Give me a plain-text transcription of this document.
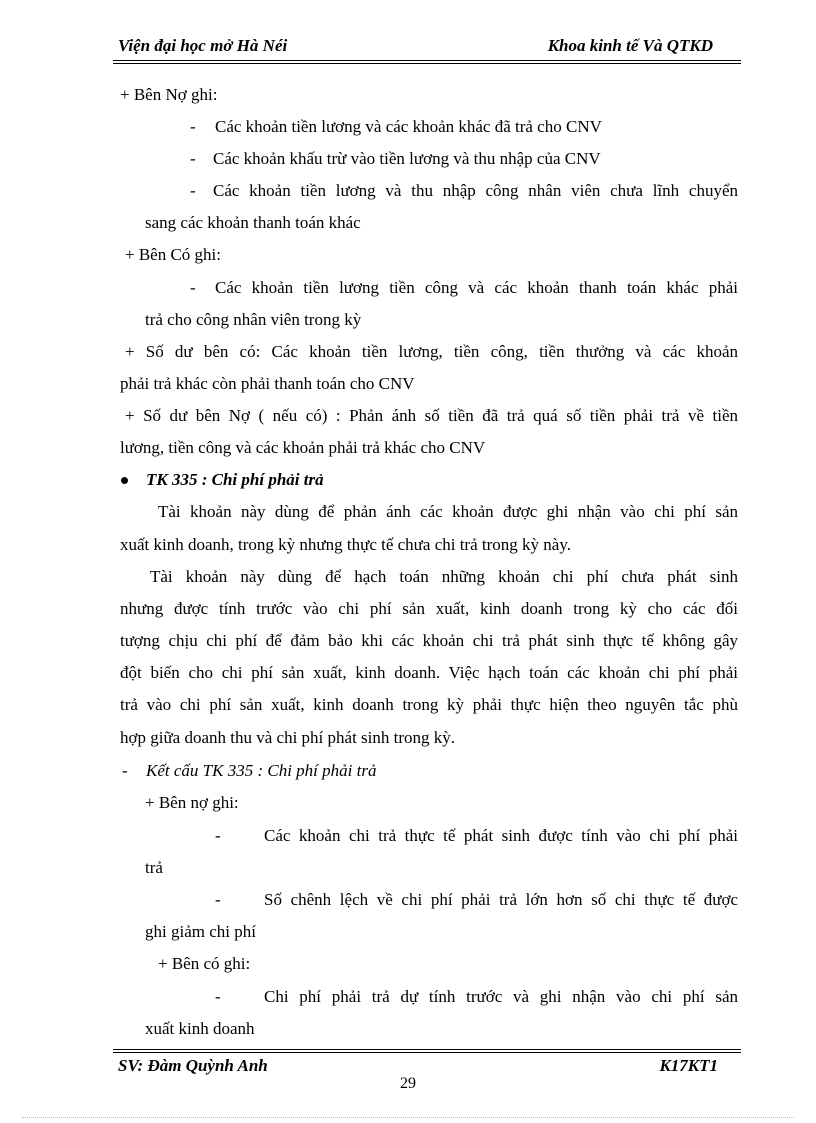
Viện đại học mở Hà Néi	Khoa kinh tế Và QTKD
+ Bên Nợ ghi:
- Các khoản tiền lương và các khoản khác đã trả cho CNV
- Các khoản khấu trừ vào tiền lương và thu nhập của CNV
- Các khoản tiền lương và thu nhập công nhân viên chưa lĩnh chuyển
sang các khoản thanh toán khác
+ Bên Có ghi:
- Các khoản tiền lương tiền công và các khoản thanh toán khác phải
trả cho công nhân viên trong kỳ
+ Số dư bên có: Các khoản tiền lương, tiền công, tiền thưởng và các khoản
phải trả khác còn phải thanh toán cho CNV
+ Số dư bên Nợ ( nếu có) : Phản ánh số tiền đã trả quá số tiền phải trả về tiền
lương, tiền công và các khoản phải trả khác cho CNV
TK 335 : Chi phí phải trả
Tài khoản này dùng để phản ánh các khoản được ghi nhận vào chi phí sản
xuất kinh doanh, trong kỳ nhưng thực tế chưa chi trả trong kỳ này.
Tài khoản này dùng để hạch toán những khoản chi phí chưa phát sinh
nhưng được tính trước vào chi phí sản xuất, kinh doanh trong kỳ cho các đối
tượng chịu chi phí để đảm bảo khi các khoản chi trả phát sinh thực tế không gây
đột biến cho chi phí sản xuất, kinh doanh. Việc hạch toán các khoản chi phí phải
trả vào chi phí sản xuất, kinh doanh trong kỳ phải thực hiện theo nguyên tắc phù
hợp giữa doanh thu và chi phí phát sinh trong kỳ.
- Kết cấu TK 335 : Chi phí phải trả
+ Bên nợ ghi:
-	Các khoản chi trả thực tế phát sinh được tính vào chi phí phải
trả
-	Số chênh lệch về chi phí phải trả lớn hơn số chi thực tế được
ghi giảm chi phí
+ Bên có ghi:
-	Chi phí phải trả dự tính trước và ghi nhận vào chi phí sản
xuất kinh doanh
SV: Đàm Quỳnh Anh	K17KT1
29
